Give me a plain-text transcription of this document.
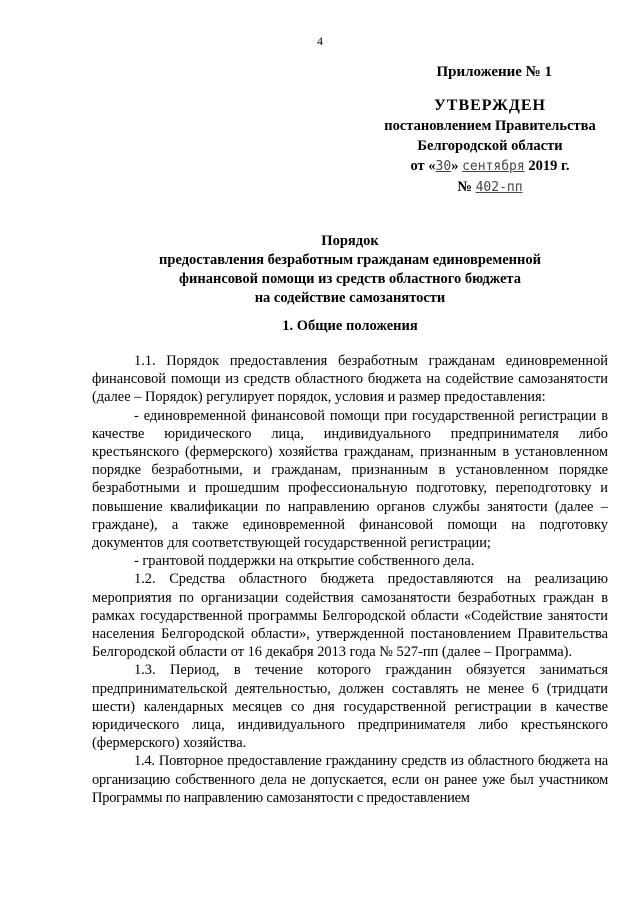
4
Приложение № 1
УТВЕРЖДЕН
постановлением Правительства
Белгородской области
от «30» сентября 2019 г.
№ 402-пп
Порядок
предоставления безработным гражданам единовременной
финансовой помощи из средств областного бюджета
на содействие самозанятости
1. Общие положения

1.1. Порядок предоставления безработным гражданам единовременной финансовой помощи из средств областного бюджета на содействие самозанятости (далее – Порядок) регулирует порядок, условия и размер предоставления:

- единовременной финансовой помощи при государственной регистрации в качестве юридического лица, индивидуального предпринимателя либо крестьянского (фермерского) хозяйства гражданам, признанным в установленном порядке безработными, и гражданам, признанным в установленном порядке безработными и прошедшим профессиональную подготовку, переподготовку и повышение квалификации по направлению органов службы занятости (далее – граждане), а также единовременной финансовой помощи на подготовку документов для соответствующей государственной регистрации;

- грантовой поддержки на открытие собственного дела.

1.2. Средства областного бюджета предоставляются на реализацию мероприятия по организации содействия самозанятости безработных граждан в рамках государственной программы Белгородской области «Содействие занятости населения Белгородской области», утвержденной постановлением Правительства Белгородской области от 16 декабря 2013 года № 527-пп (далее – Программа).

1.3. Период, в течение которого гражданин обязуется заниматься предпринимательской деятельностью, должен составлять не менее 6 (тридцати шести) календарных месяцев со дня государственной регистрации в качестве юридического лица, индивидуального предпринимателя либо крестьянского (фермерского) хозяйства.

1.4. Повторное предоставление гражданину средств из областного бюджета на организацию собственного дела не допускается, если он ранее уже был участником Программы по направлению самозанятости с предоставлением
